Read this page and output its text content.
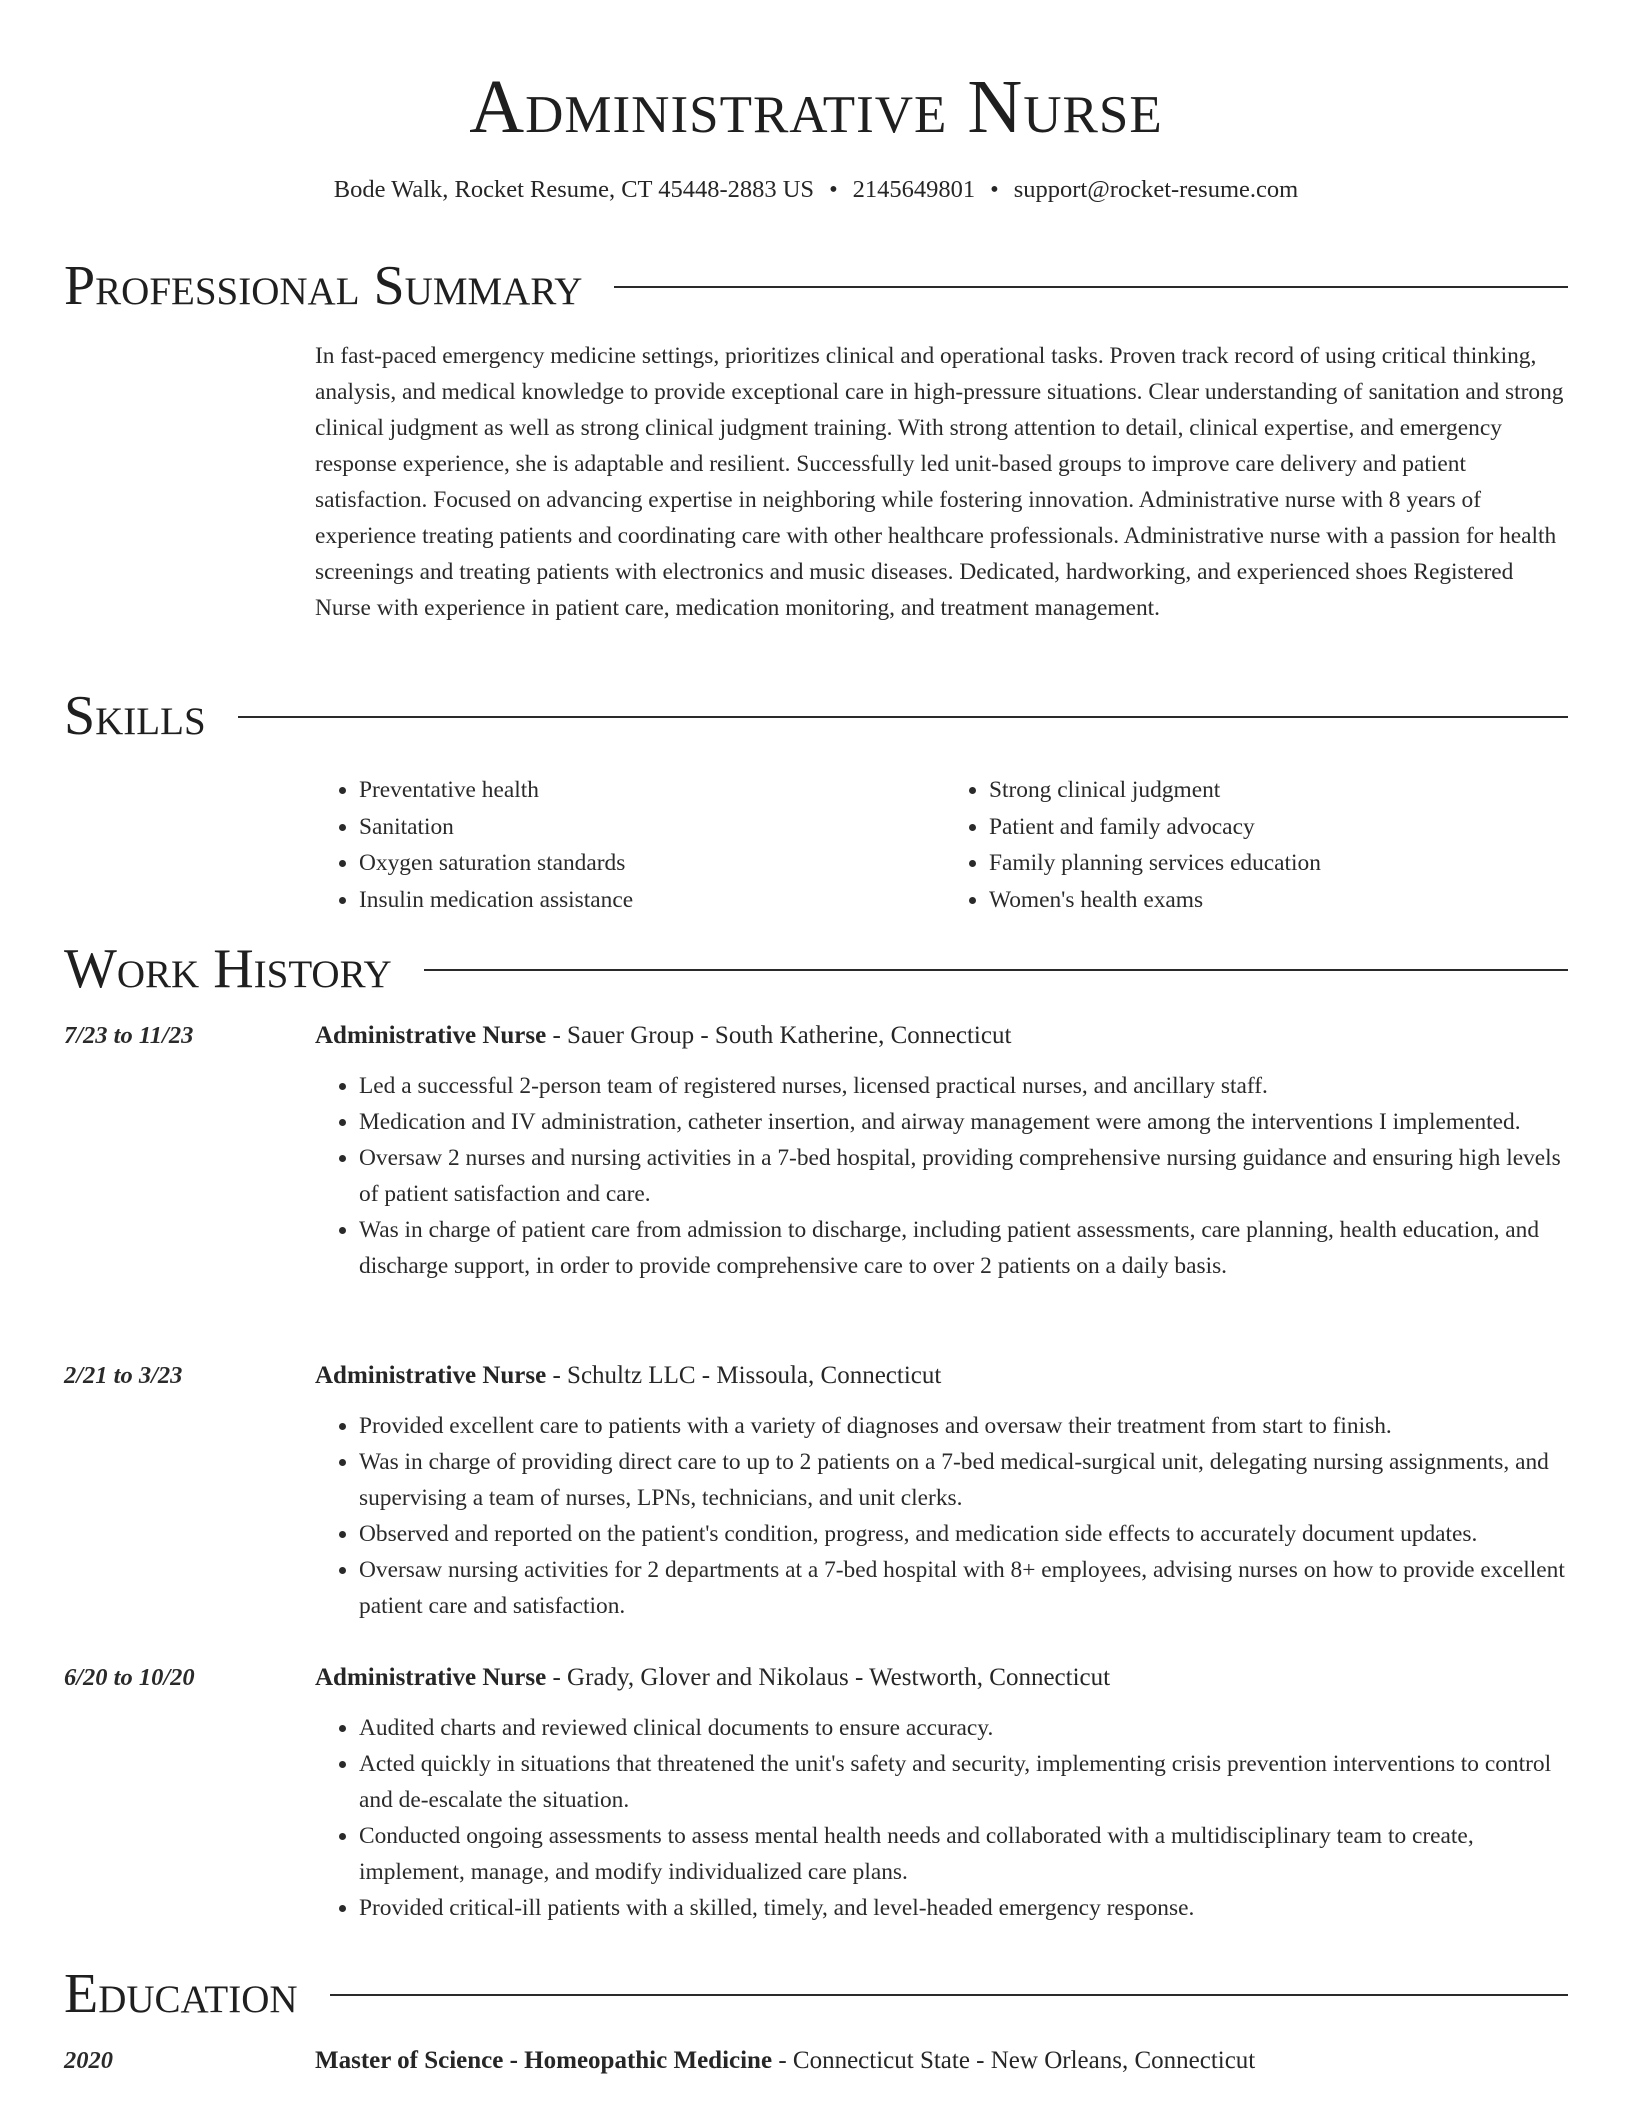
Administrative Nurse
Bode Walk, Rocket Resume, CT 45448-2883 US • 2145649801 • support@rocket-resume.com
Professional Summary

In fast-paced emergency medicine settings, prioritizes clinical and operational tasks. Proven track record of using critical thinking, analysis, and medical knowledge to provide exceptional care in high-pressure situations. Clear understanding of sanitation and strong clinical judgment as well as strong clinical judgment training. With strong attention to detail, clinical expertise, and emergency response experience, she is adaptable and resilient. Successfully led unit-based groups to improve care delivery and patient satisfaction. Focused on advancing expertise in neighboring while fostering innovation. Administrative nurse with 8 years of experience treating patients and coordinating care with other healthcare professionals. Administrative nurse with a passion for health screenings and treating patients with electronics and music diseases. Dedicated, hardworking, and experienced shoes Registered Nurse with experience in patient care, medication monitoring, and treatment management.

Skills
• Preventative health
• Sanitation
• Oxygen saturation standards
• Insulin medication assistance
• Strong clinical judgment
• Patient and family advocacy
• Family planning services education
• Women's health exams
Work History
7/23 to 11/23	Administrative Nurse - Sauer Group - South Katherine, Connecticut
• Led a successful 2-person team of registered nurses, licensed practical nurses, and ancillary staff.
• Medication and IV administration, catheter insertion, and airway management were among the interventions I implemented.
• Oversaw 2 nurses and nursing activities in a 7-bed hospital, providing comprehensive nursing guidance and ensuring high levels of patient satisfaction and care.
• Was in charge of patient care from admission to discharge, including patient assessments, care planning, health education, and discharge support, in order to provide comprehensive care to over 2 patients on a daily basis.
2/21 to 3/23	Administrative Nurse - Schultz LLC - Missoula, Connecticut
• Provided excellent care to patients with a variety of diagnoses and oversaw their treatment from start to finish.
• Was in charge of providing direct care to up to 2 patients on a 7-bed medical-surgical unit, delegating nursing assignments, and supervising a team of nurses, LPNs, technicians, and unit clerks.
• Observed and reported on the patient's condition, progress, and medication side effects to accurately document updates.
• Oversaw nursing activities for 2 departments at a 7-bed hospital with 8+ employees, advising nurses on how to provide excellent patient care and satisfaction.
6/20 to 10/20	Administrative Nurse - Grady, Glover and Nikolaus - Westworth, Connecticut
• Audited charts and reviewed clinical documents to ensure accuracy.
• Acted quickly in situations that threatened the unit's safety and security, implementing crisis prevention interventions to control and de-escalate the situation.
• Conducted ongoing assessments to assess mental health needs and collaborated with a multidisciplinary team to create, implement, manage, and modify individualized care plans.
• Provided critical-ill patients with a skilled, timely, and level-headed emergency response.
Education
2020	Master of Science - Homeopathic Medicine - Connecticut State - New Orleans, Connecticut
